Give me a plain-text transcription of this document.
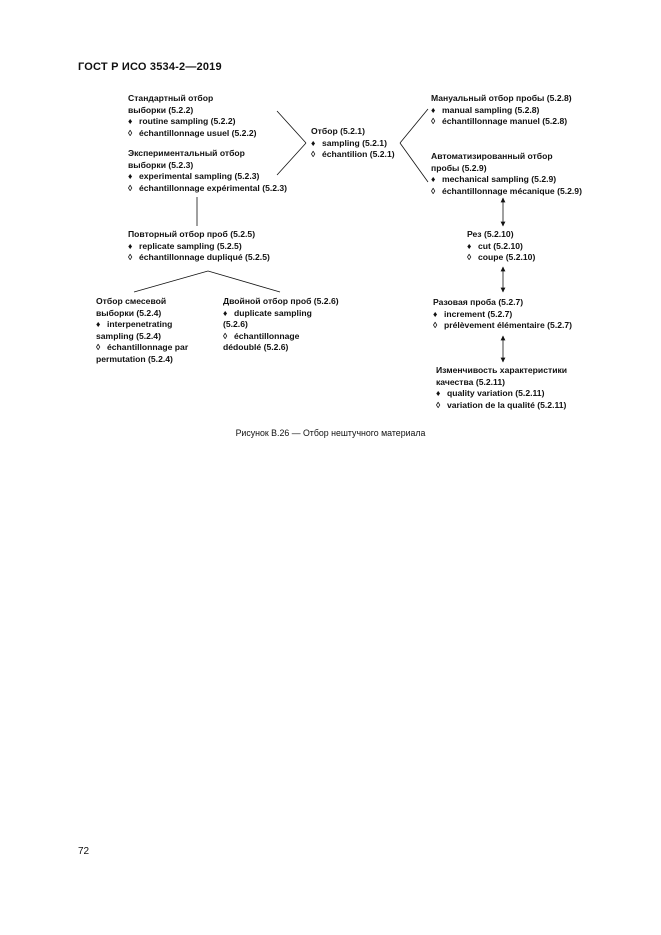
ГОСТ Р ИСО 3534-2—2019
Стандартный отбор
выборки (5.2.2)
♦ routine sampling (5.2.2)
◊ échantillonnage usuel (5.2.2)
Экспериментальный отбор
выборки (5.2.3)
♦ experimental sampling (5.2.3)
◊ échantillonnage expérimental (5.2.3)
Отбор (5.2.1)
♦ sampling (5.2.1)
◊ échantilion (5.2.1)
Мануальный отбор пробы (5.2.8)
♦ manual sampling (5.2.8)
◊ échantillonnage manuel (5.2.8)
Автоматизированный отбор
пробы (5.2.9)
♦ mechanical sampling (5.2.9)
◊ échantillonnage mécanique (5.2.9)
Повторный отбор проб (5.2.5)
♦ replicate sampling (5.2.5)
◊ échantillonnage dupliqué (5.2.5)
Рез (5.2.10)
♦ cut (5.2.10)
◊ coupe (5.2.10)
Отбор смесевой
выборки (5.2.4)
♦ interpenetrating
sampling (5.2.4)
◊ échantillonnage par
permutation (5.2.4)
Двойной отбор проб (5.2.6)
♦ duplicate sampling
(5.2.6)
◊ échantillonnage
dédoublé (5.2.6)
Разовая проба (5.2.7)
♦ increment (5.2.7)
◊ prélèvement élémentaire (5.2.7)
Изменчивость характеристики
качества (5.2.11)
♦ quality variation (5.2.11)
◊ variation de la qualité (5.2.11)
Рисунок В.26 — Отбор нештучного материала
72
